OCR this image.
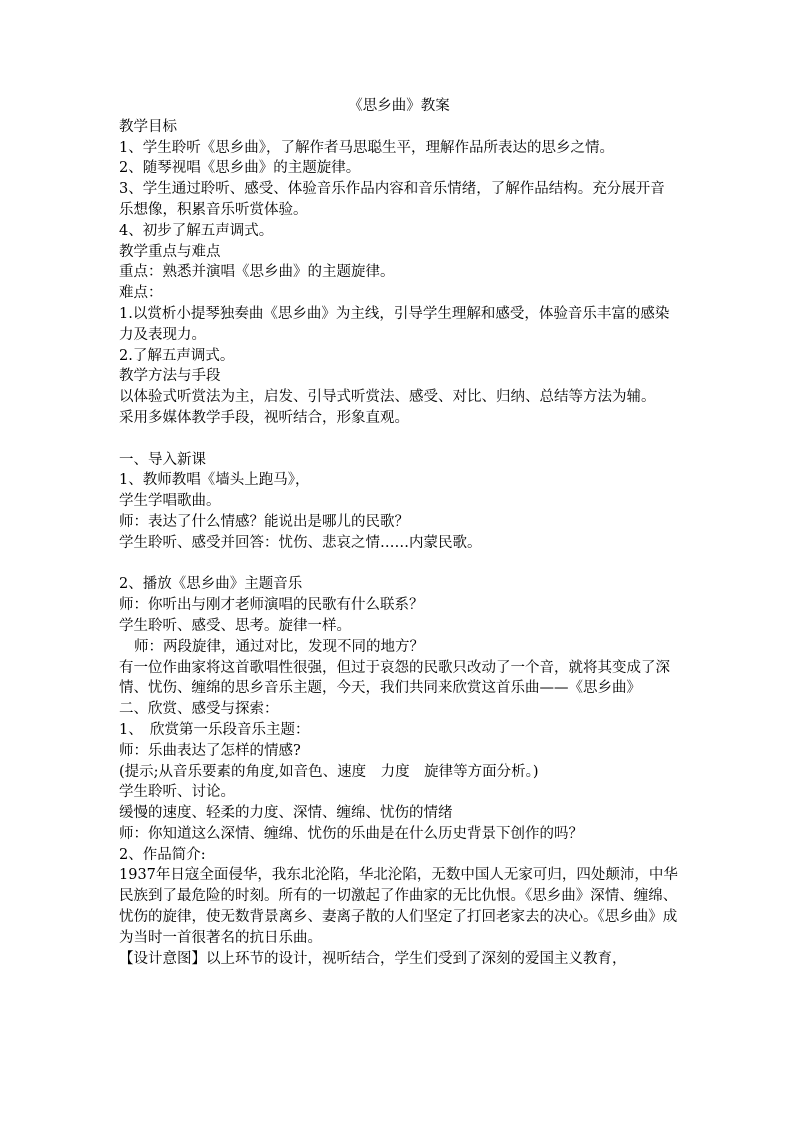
《思乡曲》教案
教学目标
1、学生聆听《思乡曲》，了解作者马思聪生平，理解作品所表达的思乡之情。
2、随琴视唱《思乡曲》的主题旋律。
3、学生通过聆听、感受、体验音乐作品内容和音乐情绪，了解作品结构。充分展开音乐想像，积累音乐听赏体验。
4、初步了解五声调式。
教学重点与难点
重点：熟悉并演唱《思乡曲》的主题旋律。
难点：
1.以赏析小提琴独奏曲《思乡曲》为主线，引导学生理解和感受，体验音乐丰富的感染力及表现力。
2.了解五声调式。
教学方法与手段
以体验式听赏法为主，启发、引导式听赏法、感受、对比、归纳、总结等方法为辅。
采用多媒体教学手段，视听结合，形象直观。
一、导入新课
1、教师教唱《墙头上跑马》，
学生学唱歌曲。
师：表达了什么情感？能说出是哪儿的民歌？
学生聆听、感受并回答：忧伤、悲哀之情……内蒙民歌。
2、播放《思乡曲》主题音乐
师：你听出与刚才老师演唱的民歌有什么联系？
学生聆听、感受、思考。旋律一样。
师：两段旋律，通过对比，发现不同的地方？
有一位作曲家将这首歌唱性很强，但过于哀怨的民歌只改动了一个音，就将其变成了深情、忧伤、缠绵的思乡音乐主题，今天，我们共同来欣赏这首乐曲——《思乡曲》
二、欣赏、感受与探索：
1、　欣赏第一乐段音乐主题：
师：乐曲表达了怎样的情感?
(提示;从音乐要素的角度,如音色、速度　力度　旋律等方面分析。)
学生聆听、讨论。
缓慢的速度、轻柔的力度、深情、缠绵、忧伤的情绪
师：你知道这么深情、缠绵、忧伤的乐曲是在什么历史背景下创作的吗？
2、作品简介:
1937年日寇全面侵华，我东北沦陷，华北沦陷，无数中国人无家可归，四处颠沛，中华民族到了最危险的时刻。所有的一切激起了作曲家的无比仇恨。《思乡曲》深情、缠绵、忧伤的旋律，使无数背景离乡、妻离子散的人们坚定了打回老家去的决心。《思乡曲》成为当时一首很著名的抗日乐曲。
【设计意图】以上环节的设计，视听结合，学生们受到了深刻的爱国主义教育，
